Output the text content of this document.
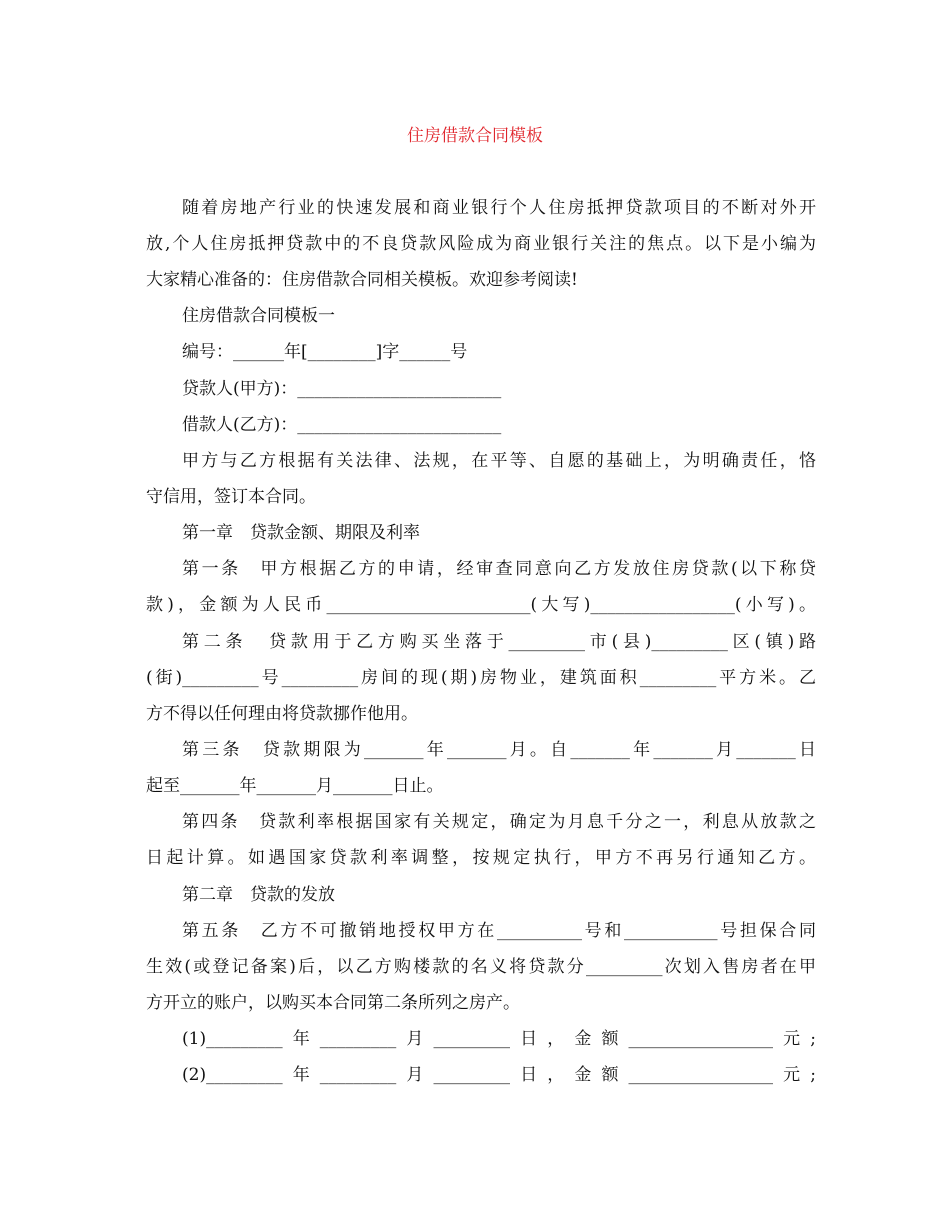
住房借款合同模板
随着房地产行业的快速发展和商业银行个人住房抵押贷款项目的不断对外开
放,个人住房抵押贷款中的不良贷款风险成为商业银行关注的焦点。以下是小编为
大家精心准备的：住房借款合同相关模板。欢迎参考阅读!
住房借款合同模板一
编号：______年[________]字______号
贷款人(甲方)：________________________
借款人(乙方)：________________________
甲方与乙方根据有关法律、法规，在平等、自愿的基础上，为明确责任，恪
守信用，签订本合同。
第一章　贷款金额、期限及利率
第一条　甲方根据乙方的申请，经审查同意向乙方发放住房贷款(以下称贷
款)，金额为人民币________________________(大写)_________________(小写)。
第二条　贷款用于乙方购买坐落于_________市(县)_________区(镇)路
(街)_________号_________房间的现(期)房物业，建筑面积_________平方米。乙
方不得以任何理由将贷款挪作他用。
第三条　贷款期限为_______年_______月。自_______年_______月_______日
起至_______年_______月_______日止。
第四条　贷款利率根据国家有关规定，确定为月息千分之一，利息从放款之
日起计算。如遇国家贷款利率调整，按规定执行，甲方不再另行通知乙方。
第二章　贷款的发放
第五条　乙方不可撤销地授权甲方在__________号和___________号担保合同
生效(或登记备案)后，以乙方购楼款的名义将贷款分_________次划入售房者在甲
方开立的账户，以购买本合同第二条所列之房产。
(1)_________年_________月_________日，金额_________________元;
(2)_________年_________月_________日，金额_________________元;
